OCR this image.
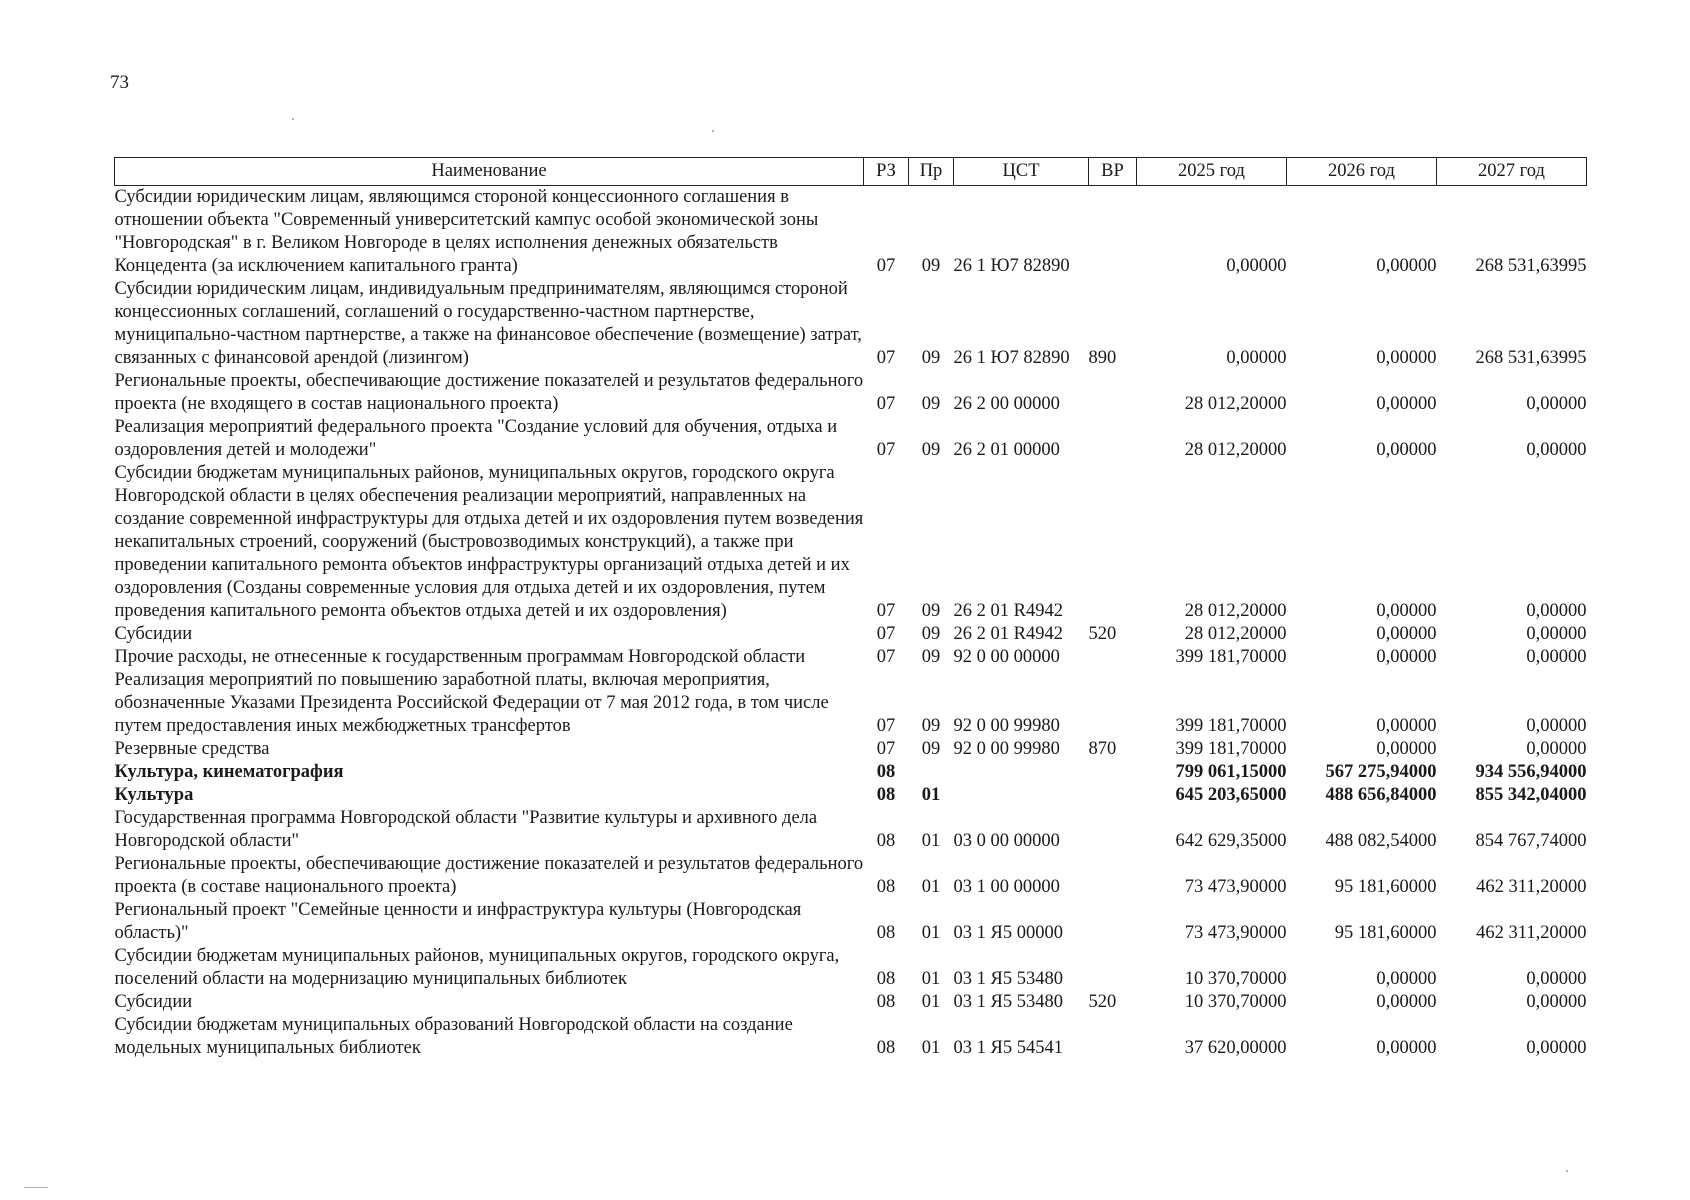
73
Наименование	РЗ	Пр	ЦСТ	ВР	2025 год	2026 год	2027 год
Субсидии юридическим лицам, являющимся стороной концессионного соглашения в отношении объекта "Современный университетский кампус особой экономической зоны "Новгородская" в г. Великом Новгороде в целях исполнения денежных обязательств Концедента (за исключением капитального гранта)	07	09	26 1 Ю7 82890		0,00000	0,00000	268 531,63995
Субсидии юридическим лицам, индивидуальным предпринимателям, являющимся стороной концессионных соглашений, соглашений о государственно-частном партнерстве, муниципально-частном партнерстве, а также на финансовое обеспечение (возмещение) затрат, связанных с финансовой арендой (лизингом)	07	09	26 1 Ю7 82890	890	0,00000	0,00000	268 531,63995
Региональные проекты, обеспечивающие достижение показателей и результатов федерального проекта (не входящего в состав национального проекта)	07	09	26 2 00 00000		28 012,20000	0,00000	0,00000
Реализация мероприятий федерального проекта "Создание условий для обучения, отдыха и оздоровления детей и молодежи"	07	09	26 2 01 00000		28 012,20000	0,00000	0,00000
Субсидии бюджетам муниципальных районов, муниципальных округов, городского округа Новгородской области в целях обеспечения реализации мероприятий, направленных на создание современной инфраструктуры для отдыха детей и их оздоровления путем возведения некапитальных строений, сооружений (быстровозводимых конструкций), а также при проведении капитального ремонта объектов инфраструктуры организаций отдыха детей и их оздоровления (Созданы современные условия для отдыха детей и их оздоровления, путем проведения капитального ремонта объектов отдыха детей и их оздоровления)	07	09	26 2 01 R4942		28 012,20000	0,00000	0,00000
Субсидии	07	09	26 2 01 R4942	520	28 012,20000	0,00000	0,00000
Прочие расходы, не отнесенные к государственным программам Новгородской области	07	09	92 0 00 00000		399 181,70000	0,00000	0,00000
Реализация мероприятий по повышению заработной платы, включая мероприятия, обозначенные Указами Президента Российской Федерации от 7 мая 2012 года, в том числе путем предоставления иных межбюджетных трансфертов	07	09	92 0 00 99980		399 181,70000	0,00000	0,00000
Резервные средства	07	09	92 0 00 99980	870	399 181,70000	0,00000	0,00000
Культура, кинематография	08				799 061,15000	567 275,94000	934 556,94000
Культура	08	01			645 203,65000	488 656,84000	855 342,04000
Государственная программа Новгородской области "Развитие культуры и архивного дела Новгородской области"	08	01	03 0 00 00000		642 629,35000	488 082,54000	854 767,74000
Региональные проекты, обеспечивающие достижение показателей и результатов федерального проекта (в составе национального проекта)	08	01	03 1 00 00000		73 473,90000	95 181,60000	462 311,20000
Региональный проект "Семейные ценности и инфраструктура культуры (Новгородская область)"	08	01	03 1 Я5 00000		73 473,90000	95 181,60000	462 311,20000
Субсидии бюджетам муниципальных районов, муниципальных округов, городского округа, поселений области на модернизацию муниципальных библиотек	08	01	03 1 Я5 53480		10 370,70000	0,00000	0,00000
Субсидии	08	01	03 1 Я5 53480	520	10 370,70000	0,00000	0,00000
Субсидии бюджетам муниципальных образований Новгородской области на создание модельных муниципальных библиотек	08	01	03 1 Я5 54541		37 620,00000	0,00000	0,00000
